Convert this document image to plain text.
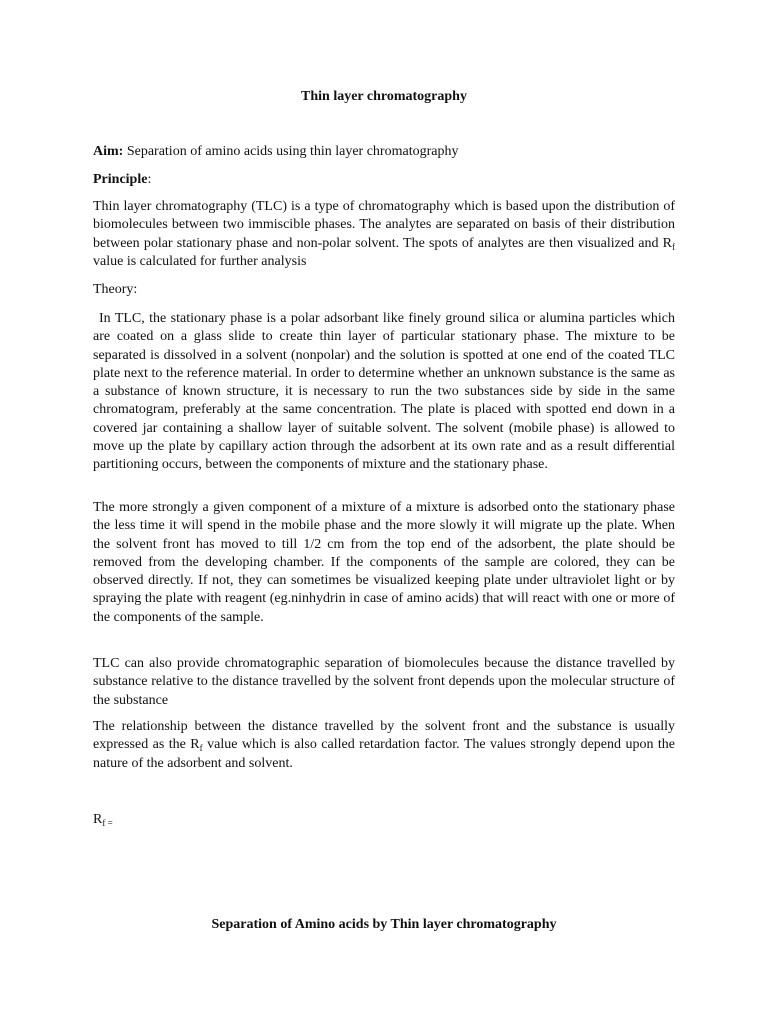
Thin layer chromatography

Aim: Separation of amino acids using thin layer chromatography

Principle:

Thin layer chromatography (TLC) is a type of chromatography which is based upon the distribution of biomolecules between two immiscible phases. The analytes are separated on basis of their distribution between polar stationary phase and non-polar solvent. The spots of analytes are then visualized and $R_f$ value is calculated for further analysis

Theory:

In TLC, the stationary phase is a polar adsorbant like finely ground silica or alumina particles which are coated on a glass slide to create thin layer of particular stationary phase. The mixture to be separated is dissolved in a solvent (nonpolar) and the solution is spotted at one end of the coated TLC plate next to the reference material. In order to determine whether an unknown substance is the same as a substance of known structure, it is necessary to run the two substances side by side in the same chromatogram, preferably at the same concentration. The plate is placed with spotted end down in a covered jar containing a shallow layer of suitable solvent. The solvent (mobile phase) is allowed to move up the plate by capillary action through the adsorbent at its own rate and as a result differential partitioning occurs, between the components of mixture and the stationary phase.

The more strongly a given component of a mixture of a mixture is adsorbed onto the stationary phase the less time it will spend in the mobile phase and the more slowly it will migrate up the plate. When the solvent front has moved to till 1/2 cm from the top end of the adsorbent, the plate should be removed from the developing chamber. If the components of the sample are colored, they can be observed directly. If not, they can sometimes be visualized keeping plate under ultraviolet light or by spraying the plate with reagent (eg.ninhydrin in case of amino acids) that will react with one or more of the components of the sample.

TLC can also provide chromatographic separation of biomolecules because the distance travelled by substance relative to the distance travelled by the solvent front depends upon the molecular structure of the substance

The relationship between the distance travelled by the solvent front and the substance is usually expressed as the $R_f$ value which is also called retardation factor. The values strongly depend upon the nature of the adsorbent and solvent.

$R_{f =}$

Separation of Amino acids by Thin layer chromatography
